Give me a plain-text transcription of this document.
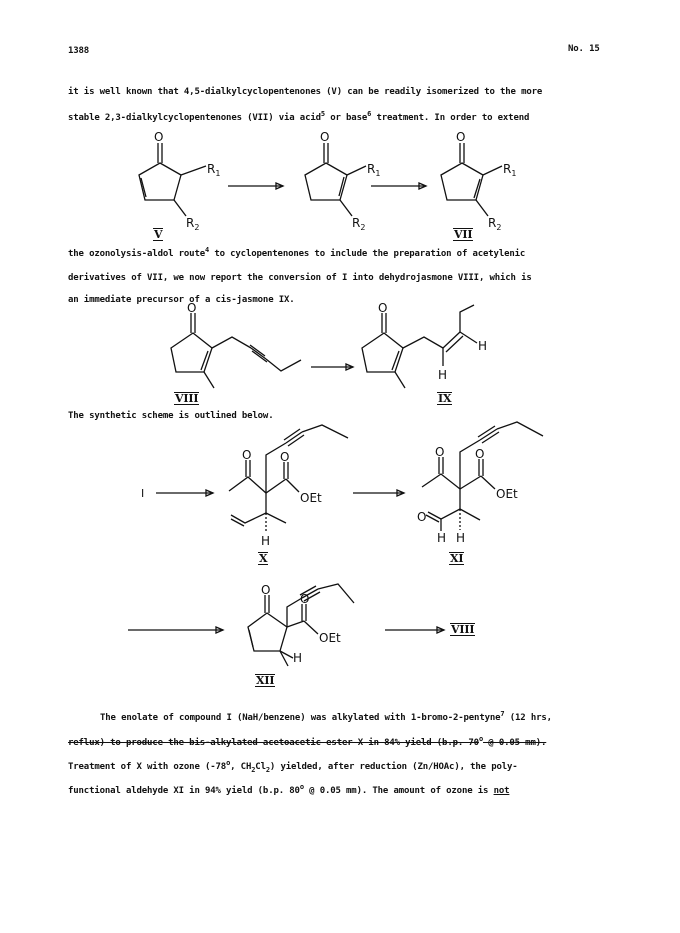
1388	No. 15
it is well known that 4,5-dialkylcyclopentenones (V) can be readily isomerized to the more
stable 2,3-dialkylcyclopentenones (VII) via acid$^5$ or base$^6$ treatment. In order to extend
O
$R_1$
$R_2$
O
$R_1$
$R_2$
O
$R_1$
$R_2$
O	O
H
H
I
O O
OEt
H
O	O
OEt
O
H H
O
O
OEt
H
V	VII
VIII	IX
X	XI
XII
VIII
the ozonolysis-aldol route$^4$ to cyclopentenones to include the preparation of acetylenic
derivatives of VII, we now report the conversion of I into dehydrojasmone VIII, which is
an immediate precursor of a cis-jasmone IX.
The synthetic scheme is outlined below.
The enolate of compound I (NaH/benzene) was alkylated with 1-bromo-2-pentyne$^7$ (12 hrs,
reflux) to produce the bis-alkylated acetoacetic ester X in 84% yield (b.p. 70$^o$ @ 0.05 mm).
Treatment of X with ozone (-78$^o$, $CH_2Cl_2$) yielded, after reduction (Zn/HOAc), the poly-
functional aldehyde XI in 94% yield (b.p. 80$^o$ @ 0.05 mm). The amount of ozone is not
